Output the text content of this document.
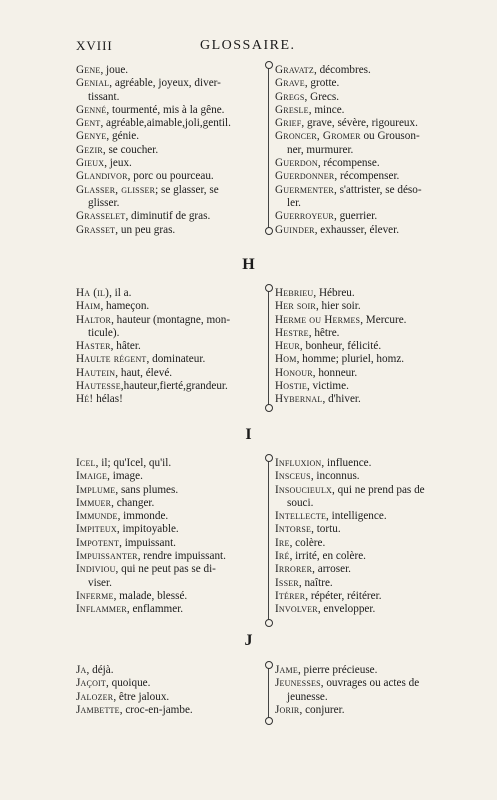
XVIII	GLOSSAIRE.
Gene, joue.
Genial, agréable, joyeux, diver-
tissant.
Genné, tourmenté, mis à la gêne.
Gent, agréable,aimable,joli,gentil.
Genye, génie.
Gezir, se coucher.
Gieux, jeux.
Glandivor, porc ou pourceau.
Glasser, glisser; se glasser, se
glisser.
Grasselet, diminutif de gras.
Grasset, un peu gras.
Gravatz, décombres.
Grave, grotte.
Gregs, Grecs.
Gresle, mince.
Grief, grave, sévère, rigoureux.
Groncer, Gromer ou Grouson-
ner, murmurer.
Guerdon, récompense.
Guerdonner, récompenser.
Guermenter, s'attrister, se déso-
ler.
Guerroyeur, guerrier.
Guinder, exhausser, élever.
H
Ha (il), il a.
Haim, hameçon.
Haltor, hauteur (montagne, mon-
ticule).
Haster, hâter.
Haulte régent, dominateur.
Hautein, haut, élevé.
Hautesse,hauteur,fierté,grandeur.
Hé! hélas!
Hebrieu, Hébreu.
Her soir, hier soir.
Herme ou Hermes, Mercure.
Hestre, hêtre.
Heur, bonheur, félicité.
Hom, homme; pluriel, homz.
Honour, honneur.
Hostie, victime.
Hybernal, d'hiver.
I
Icel, il; qu'Icel, qu'il.
Imaige, image.
Implume, sans plumes.
Immuer, changer.
Immunde, immonde.
Impiteux, impitoyable.
Impotent, impuissant.
Impuissanter, rendre impuissant.
Indiviou, qui ne peut pas se di-
viser.
Inferme, malade, blessé.
Inflammer, enflammer.
Influxion, influence.
Insceus, inconnus.
Insoucieulx, qui ne prend pas de
souci.
Intellecte, intelligence.
Intorse, tortu.
Ire, colère.
Iré, irrité, en colère.
Irrorer, arroser.
Isser, naître.
Itérer, répéter, réitérer.
Involver, envelopper.
J
Ja, déjà.
Jaçoit, quoique.
Jalozer, être jaloux.
Jambette, croc-en-jambe.
Jame, pierre précieuse.
Jeunesses, ouvrages ou actes de
jeunesse.
Jorir, conjurer.
